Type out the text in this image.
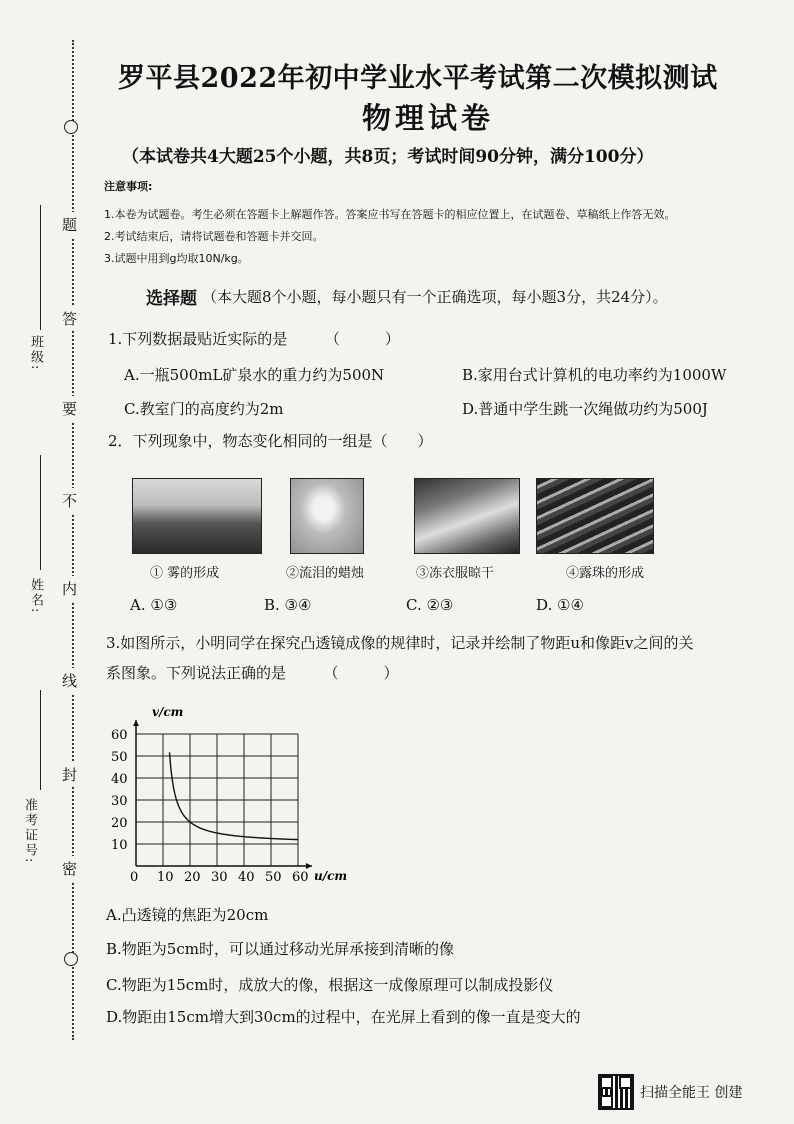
题
答
要
不
内
线
封
密
班级:
姓名:
准考证号:
罗平县2022年初中学业水平考试第二次模拟测试
物理试卷
（本试卷共4大题25个小题，共8页；考试时间90分钟，满分100分）
注意事项:
1.本卷为试题卷。考生必须在答题卡上解题作答。答案应书写在答题卡的相应位置上，在试题卷、草稿纸上作答无效。
2.考试结束后，请将试题卷和答题卡并交回。
3.试题中用到g均取10N/kg。
选择题 （本大题8个小题，每小题只有一个正确选项，每小题3分，共24分）。
1.下列数据最贴近实际的是　　　（　　　）
A.一瓶500mL矿泉水的重力约为500N	B.家用台式计算机的电功率约为1000W
C.教室门的高度约为2m	D.普通中学生跳一次绳做功约为500J
2．下列现象中，物态变化相同的一组是（　　）
① 雾的形成	②流泪的蜡烛	③冻衣服晾干	④露珠的形成
A. ①③	B. ③④	C. ②③	D. ①④
3.如图所示，小明同学在探究凸透镜成像的规律时，记录并绘制了物距u和像距v之间的关
系图象。下列说法正确的是　　　（　　　）
0 10 20 30 40 50 60
10
20
30
40
50
60
v/cm
u/cm
A.凸透镜的焦距为20cm
B.物距为5cm时，可以通过移动光屏承接到清晰的像
C.物距为15cm时，成放大的像，根据这一成像原理可以制成投影仪
D.物距由15cm增大到30cm的过程中，在光屏上看到的像一直是变大的
扫描全能王 创建
